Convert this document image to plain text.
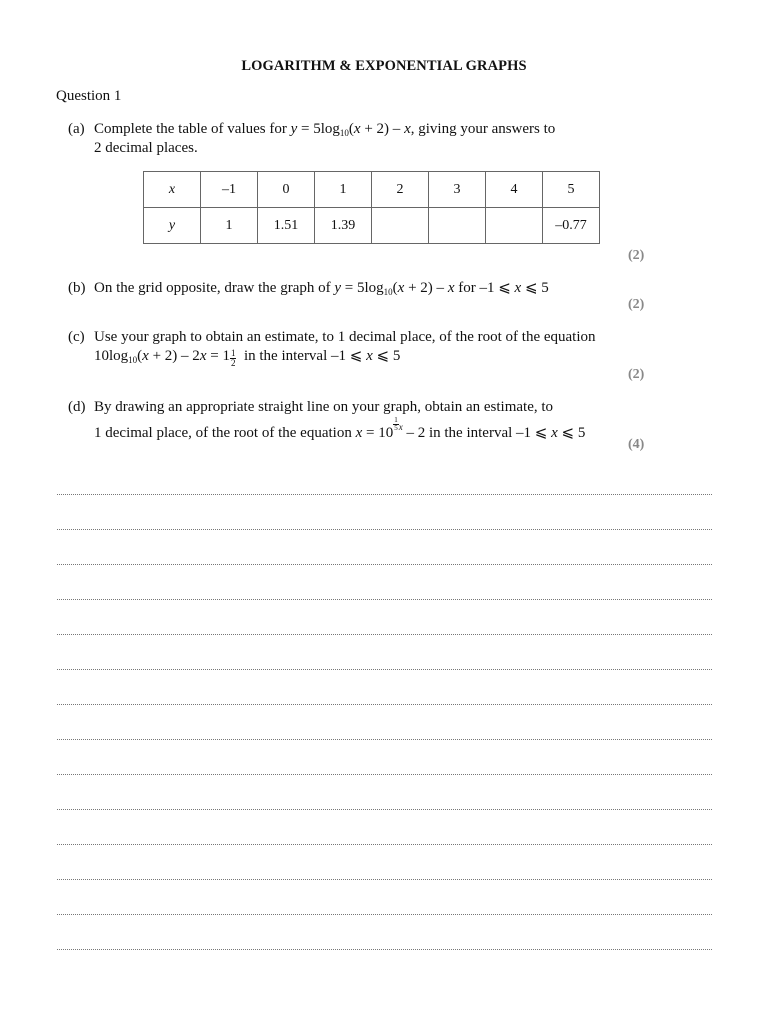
LOGARITHM & EXPONENTIAL GRAPHS
Question 1
(a) Complete the table of values for $y = 5\log_{10}(x + 2) - x$, giving your answers to
2 decimal places.
x	–1	0	1	2	3	4	5
y	1	1.51	1.39				–0.77
(2)
(b) On the grid opposite, draw the graph of $y = 5\log_{10}(x + 2) - x$ for –1 ⩽ x ⩽ 5
(2)
(c) Use your graph to obtain an estimate, to 1 decimal place, of the root of the equation
$10\log_{10}(x + 2) - 2x = 1 \frac{1}{2}$ in the interval –1 ⩽ x ⩽ 5
(2)
(d) By drawing an appropriate straight line on your graph, obtain an estimate, to
1 decimal place, of the root of the equation x = 10
$^{\frac{1}{5} x}$ – 2 in the interval –1 ⩽ x ⩽ 5
(4)
